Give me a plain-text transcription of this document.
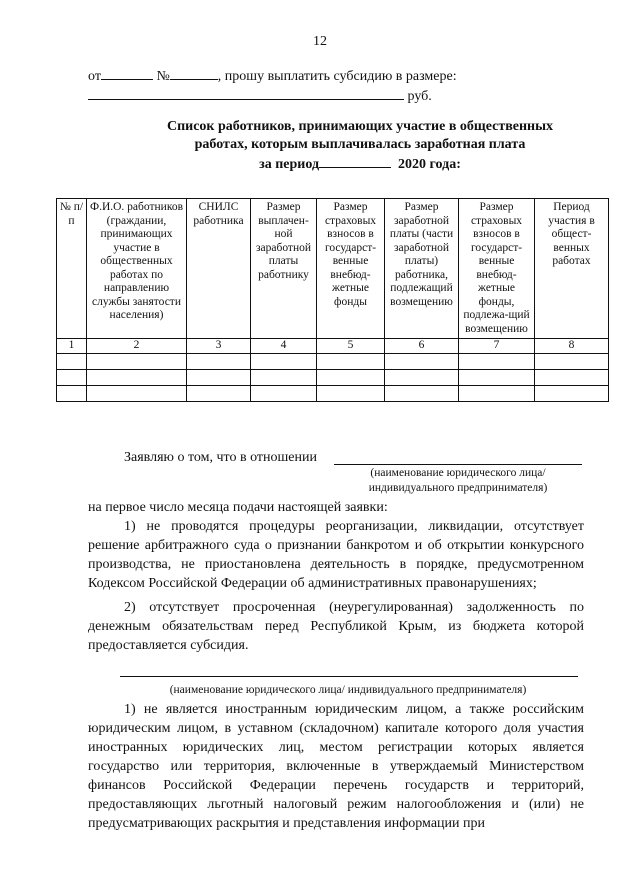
12
от	№	, прошу выплатить субсидию в размере:
руб.
Список работников, принимающих участие в общественных
работах, которым выплачивалась заработная плата
за период	2020 года:
№ п/п	Ф.И.О. работников (граждании, принимающих участие в общественных работах по направлению службы занятости населения)	СНИЛС работника	Размер выплачен-ной заработной платы работнику	Размер страховых взносов в государст-венные внебюд-жетные фонды	Размер заработной платы (части заработной платы) работника, подлежащий возмещению	Размер страховых взносов в государст-венные внебюд-жетные фонды, подлежа-щий возмещению	Период участия в общест-венных работах
1	2	3	4	5	6	7	8

Заявляю о том, что в отношении
(наименование юридического лица/
индивидуального предпринимателя)
на первое число месяца подачи настоящей заявки:
1) не проводятся процедуры реорганизации, ликвидации, отсутствует решение арбитражного суда о признании банкротом и об открытии конкурсного производства, не приостановлена деятельность в порядке, предусмотренном Кодексом Российской Федерации об административных правонарушениях;
2) отсутствует просроченная (неурегулированная) задолженность по денежным обязательствам перед Республикой Крым, из бюджета которой предоставляется субсидия.
(наименование юридического лица/ индивидуального предпринимателя)
1) не является иностранным юридическим лицом, а также российским юридическим лицом, в уставном (складочном) капитале которого доля участия иностранных юридических лиц, местом регистрации которых является государство или территория, включенные в утверждаемый Министерством финансов Российской Федерации перечень государств и территорий, предоставляющих льготный налоговый режим налогообложения и (или) не предусматривающих раскрытия и представления информации при
